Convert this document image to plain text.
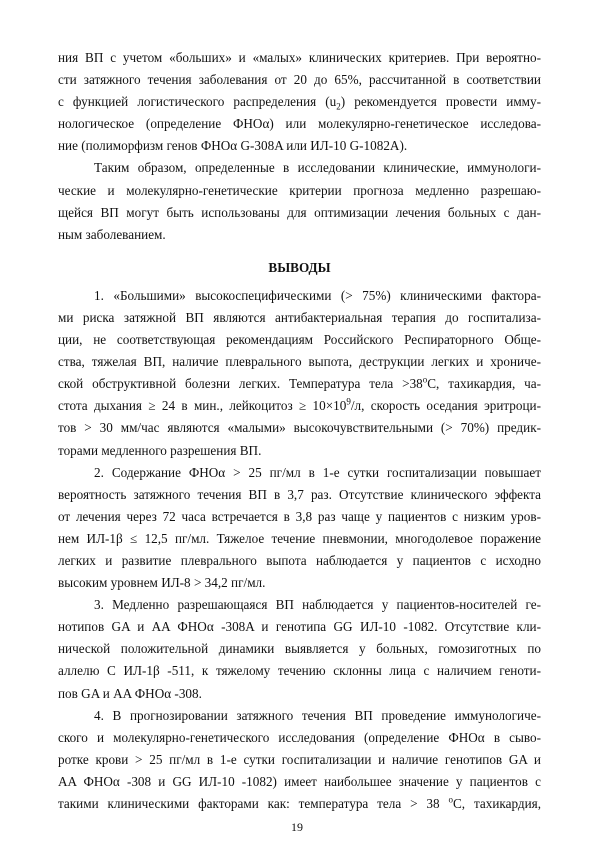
ния ВП с учетом «больших» и «малых» клинических критериев. При вероятно-
сти затяжного течения заболевания от 20 до 65%, рассчитанной в соответствии
с функцией логистического распределения $(u_2)$ рекомендуется провести имму-
нологическое (определение ФНОα) или молекулярно-генетическое исследова-
ние (полиморфизм генов ФНОα G-308A или ИЛ-10 G-1082A).
Таким образом, определенные в исследовании клинические, иммунологи-
ческие и молекулярно-генетические критерии прогноза медленно разрешаю-
щейся ВП могут быть использованы для оптимизации лечения больных с дан-
ным заболеванием.
ВЫВОДЫ
1. «Большими» высокоспецифическими (> 75%) клиническими фактора-
ми риска затяжной ВП являются антибактериальная терапия до госпитализа-
ции, не соответствующая рекомендациям Российского Респираторного Обще-
ства, тяжелая ВП, наличие плеврального выпота, деструкции легких и хрониче-
ской обструктивной болезни легких. Температура тела $>38^оС$, тахикардия, ча-
стота дыхания ≥ 24 в мин., лейкоцитоз ≥ $10\times 10^9/л$, скорость оседания эритроци-
тов > 30 мм/час являются «малыми» высокочувствительными (> 70%) предик-
торами медленного разрешения ВП.
2. Содержание ФНОα > 25 пг/мл в 1-е сутки госпитализации повышает
вероятность затяжного течения ВП в 3,7 раз. Отсутствие клинического эффекта
от лечения через 72 часа встречается в 3,8 раз чаще у пациентов с низким уров-
нем ИЛ-1β ≤ 12,5 пг/мл. Тяжелое течение пневмонии, многодолевое поражение
легких и развитие плеврального выпота наблюдается у пациентов с исходно
высоким уровнем ИЛ-8 > 34,2 пг/мл.
3. Медленно разрешающаяся ВП наблюдается у пациентов-носителей ге-
нотипов GA и AA ФНОα -308A и генотипа GG ИЛ-10 -1082. Отсутствие кли-
нической положительной динамики выявляется у больных, гомозиготных по
аллелю C ИЛ-1β -511, к тяжелому течению склонны лица с наличием геноти-
пов GA и AA ФНОα -308.
4. В прогнозировании затяжного течения ВП проведение иммунологиче-
ского и молекулярно-генетического исследования (определение ФНОα в сыво-
ротке крови > 25 пг/мл в 1-е сутки госпитализации и наличие генотипов GA и
AA ФНОα -308 и GG ИЛ-10 -1082) имеет наибольшее значение у пациентов с
такими клиническими факторами как: температура тела > 38 $^о$С, тахикардия,
19
